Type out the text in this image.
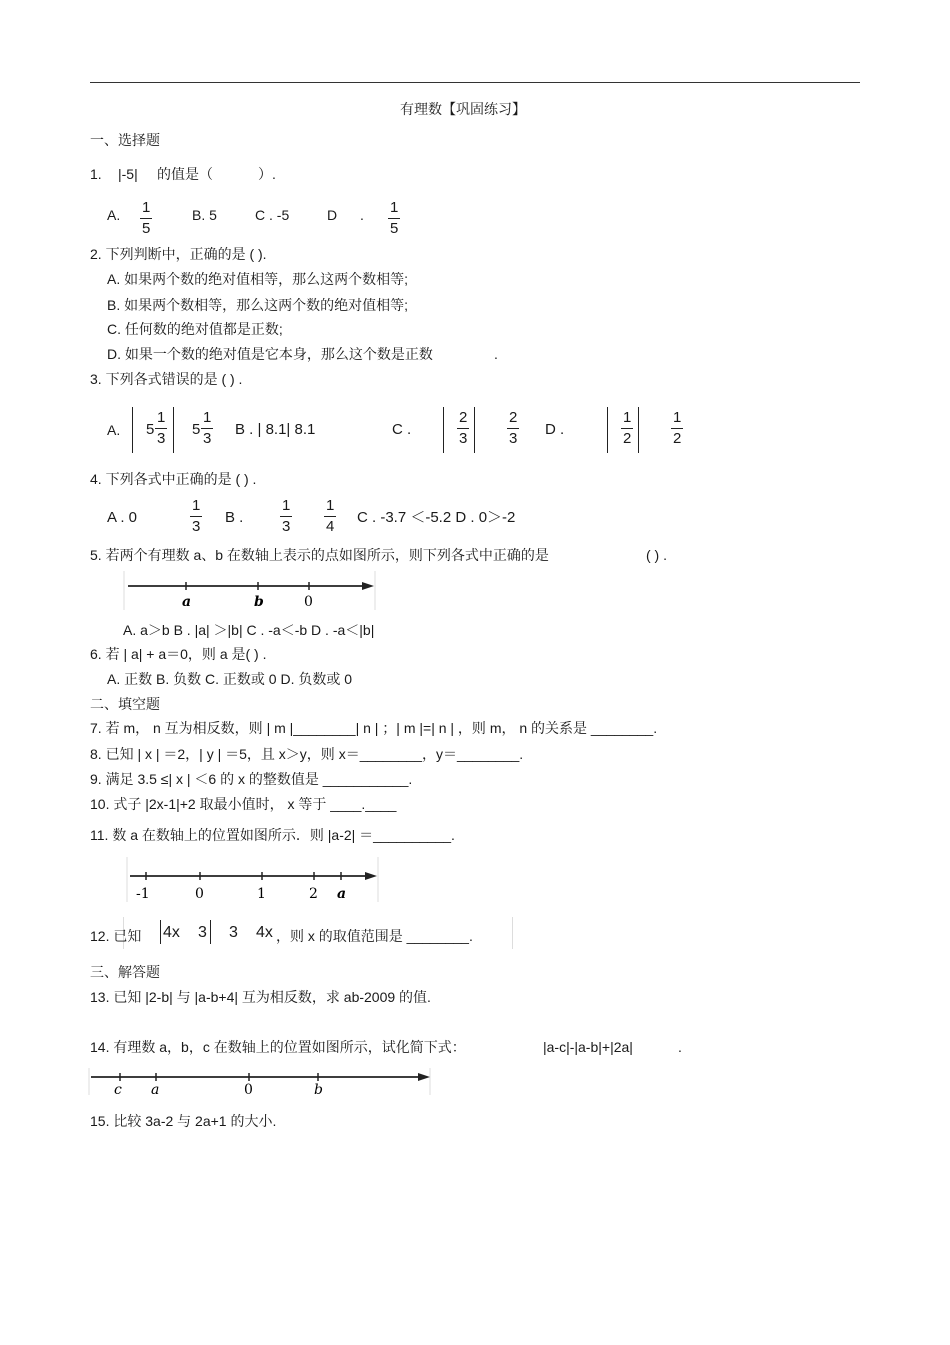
有理数【巩固练习】
一、选择题
1. |-5| 的值是（	）.
A. $\frac{1}{5}$	B. 5	C . -5	D . $\frac{1}{5}$
2. 下列判断中，正确的是 ( ).
A. 如果两个数的绝对值相等，那么这两个数相等;
B. 如果两个数相等，那么这两个数的绝对值相等;
C. 任何数的绝对值都是正数;
D. 如果一个数的绝对值是它本身，那么这个数是正数	.
3. 下列各式错误的是 ( ) .
A. $5 \frac{1}{3} 5 \frac{1}{3}$ B . | 8.1| 8.1	C .	$\frac{2}{3}$	$\frac{2}{3}$ D .	$\frac{1}{2}$	$\frac{1}{2}$
4. 下列各式中正确的是 ( ) .
A . 0	$\frac{1}{3}$ B . $\frac{1}{3} \frac{1}{4}$ C . -3.7 ＜-5.2 D . 0＞-2
5. 若两个有理数 a、b 在数轴上表示的点如图所示，则下列各式中正确的是	( ) .
a	b	0
A. a＞b B . |a| ＞|b| C . -a＜-b D . -a＜|b|
6. 若 | a| + a＝0，则 a 是( ) .
A. 正数 B. 负数 C. 正数或 0 D. 负数或 0
二、填空题
7. 若 m， n 互为相反数，则 | m |________| n | ；| m |=| n | ，则 m， n 的关系是 ________.
8. 已知 | x | ＝2，| y | ＝5，且 x＞y，则 x＝________，y＝________.
9. 满足 3.5 ≤| x | ＜6 的 x 的整数值是 ___________.
10. 式子 |2x-1|+2 取最小值时， x 等于 ____.____
11. 数 a 在数轴上的位置如图所示．则 |a-2| ＝__________.
-1	0	1	2 a
12. 已知 4x 3 3 4x ，则 x 的取值范围是 ________.
三、解答题
13. 已知 |2-b| 与 |a-b+4| 互为相反数，求 ab-2009 的值.
14. 有理数 a，b，c 在数轴上的位置如图所示，试化简下式：	|a-c|-|a-b|+|2a|	.
c a	0	b
15. 比较 3a-2 与 2a+1 的大小.
